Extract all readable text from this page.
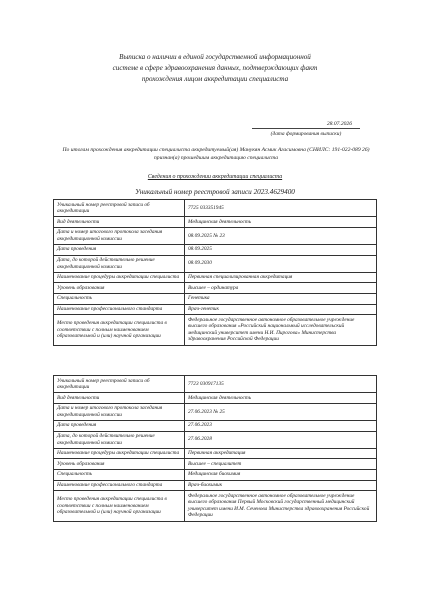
Выписка о наличии в единой государственной информационной
системе в сфере здравоохранения данных, подтверждающих факт
прохождения лицом аккредитации специалиста
28.07.2026
(дата формирования выписки)
По итогам прохождения аккредитации специалиста аккредитуемый(ая) Манукян Асмик Агасимовна (СНИЛС: 191-022-089 26) признан(а) прошедшим аккредитацию специалиста
Сведения о прохождении аккредитации специалиста
Уникальный номер реестровой записи 2023.4629400
Уникальный номер реестровой записи об аккредитации	7725 033351945
Вид деятельности	Медицинская деятельность
Дата и номер итогового протокола заседания аккредитационной комиссии	08.09.2025 № 23
Дата проведения	08.09.2025
Дата, до которой действительно решение аккредитационной комиссии	08.09.2030
Наименование процедуры аккредитации специалиста	Первичная специализированная аккредитация
Уровень образования	Высшее – ординатура
Специальность	Генетика
Наименование профессионального стандарта	Врач-генетик
Место проведения аккредитации специалиста в соответствии с полным наименованием образовательной и (или) научной организации	Федеральное государственное автономное образовательное учреждение высшего образования «Российский национальный исследовательский медицинский университет имени Н.И. Пирогова» Министерства здравоохранения Российской Федерации
Уникальный номер реестровой записи об аккредитации	7723 030917135
Вид деятельности	Медицинская деятельность
Дата и номер итогового протокола заседания аккредитационной комиссии	27.06.2023 № 25
Дата проведения	27.06.2023
Дата, до которой действительно решение аккредитационной комиссии	27.06.2028
Наименование процедуры аккредитации специалиста	Первичная аккредитация
Уровень образования	Высшее – специалитет
Специальность	Медицинская биохимия
Наименование профессионального стандарта	Врач-биохимик
Место проведения аккредитации специалиста в соответствии с полным наименованием образовательной и (или) научной организации	Федеральное государственное автономное образовательное учреждение высшего образования Первый Московский государственный медицинский университет имени И.М. Сеченова Министерства здравоохранения Российской Федерации
